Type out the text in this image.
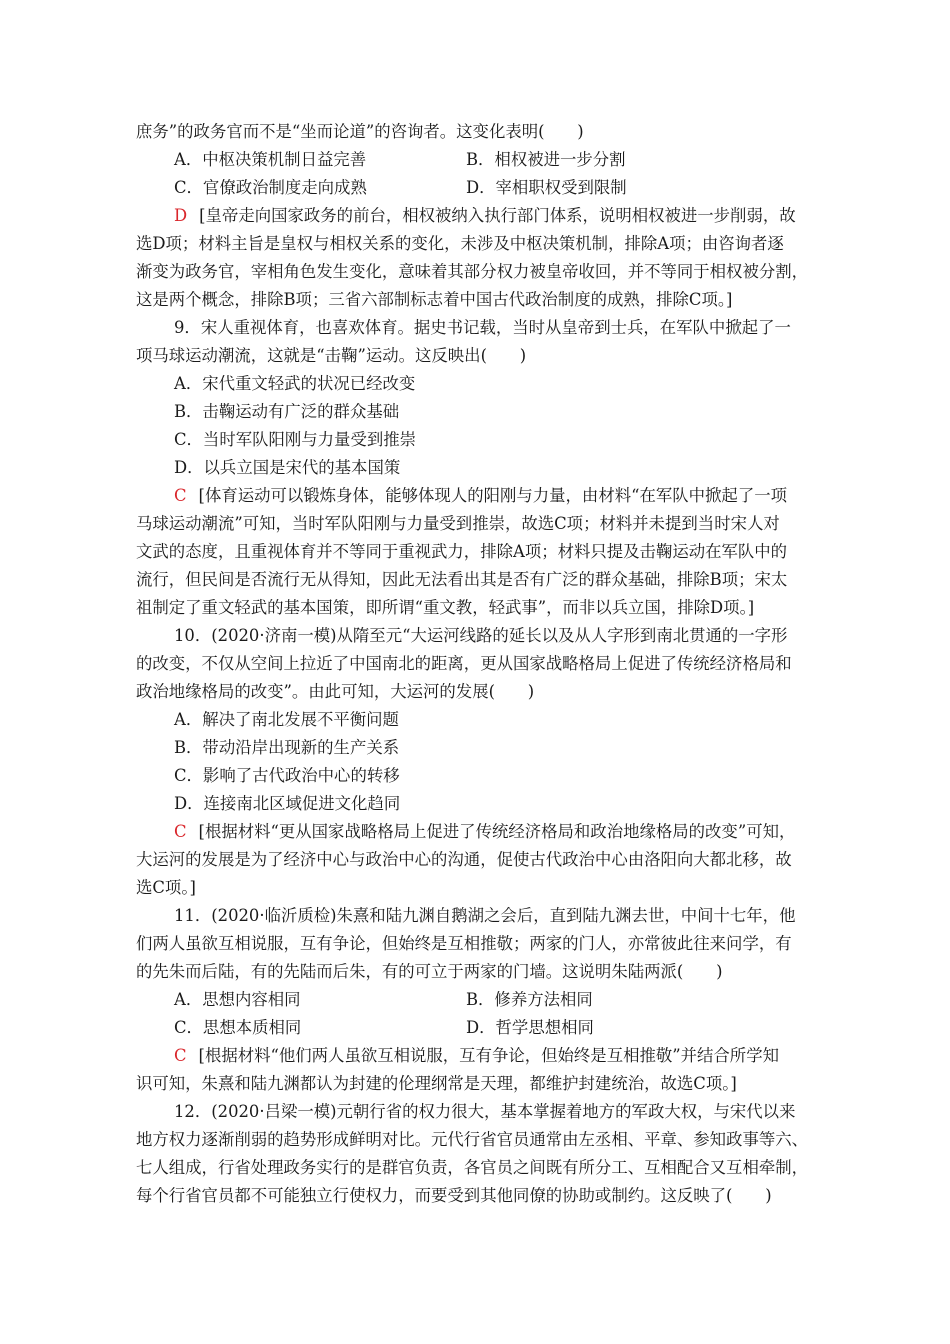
庶务”的政务官而不是“坐而论道”的咨询者。这变化表明(　　)
A．中枢决策机制日益完善	B．相权被进一步分割
C．官僚政治制度走向成熟	D．宰相职权受到限制
D [皇帝走向国家政务的前台，相权被纳入执行部门体系，说明相权被进一步削弱，故
选D项；材料主旨是皇权与相权关系的变化，未涉及中枢决策机制，排除A项；由咨询者逐
渐变为政务官，宰相角色发生变化，意味着其部分权力被皇帝收回，并不等同于相权被分割，
这是两个概念，排除B项；三省六部制标志着中国古代政治制度的成熟，排除C项。]
9．宋人重视体育，也喜欢体育。据史书记载，当时从皇帝到士兵，在军队中掀起了一
项马球运动潮流，这就是“击鞠”运动。这反映出(　　)
A．宋代重文轻武的状况已经改变
B．击鞠运动有广泛的群众基础
C．当时军队阳刚与力量受到推崇
D．以兵立国是宋代的基本国策
C [体育运动可以锻炼身体，能够体现人的阳刚与力量，由材料“在军队中掀起了一项
马球运动潮流”可知，当时军队阳刚与力量受到推崇，故选C项；材料并未提到当时宋人对
文武的态度，且重视体育并不等同于重视武力，排除A项；材料只提及击鞠运动在军队中的
流行，但民间是否流行无从得知，因此无法看出其是否有广泛的群众基础，排除B项；宋太
祖制定了重文轻武的基本国策，即所谓“重文教，轻武事”，而非以兵立国，排除D项。]
10．(2020·济南一模)从隋至元“大运河线路的延长以及从人字形到南北贯通的一字形
的改变，不仅从空间上拉近了中国南北的距离，更从国家战略格局上促进了传统经济格局和
政治地缘格局的改变”。由此可知，大运河的发展(　　)
A．解决了南北发展不平衡问题
B．带动沿岸出现新的生产关系
C．影响了古代政治中心的转移
D．连接南北区域促进文化趋同
C [根据材料“更从国家战略格局上促进了传统经济格局和政治地缘格局的改变”可知，
大运河的发展是为了经济中心与政治中心的沟通，促使古代政治中心由洛阳向大都北移，故
选C项。]
11．(2020·临沂质检)朱熹和陆九渊自鹅湖之会后，直到陆九渊去世，中间十七年，他
们两人虽欲互相说服，互有争论，但始终是互相推敬；两家的门人，亦常彼此往来问学，有
的先朱而后陆，有的先陆而后朱，有的可立于两家的门墙。这说明朱陆两派(　　)
A．思想内容相同	B．修养方法相同
C．思想本质相同	D．哲学思想相同
C [根据材料“他们两人虽欲互相说服，互有争论，但始终是互相推敬”并结合所学知
识可知，朱熹和陆九渊都认为封建的伦理纲常是天理，都维护封建统治，故选C项。]
12．(2020·吕梁一模)元朝行省的权力很大，基本掌握着地方的军政大权，与宋代以来
地方权力逐渐削弱的趋势形成鲜明对比。元代行省官员通常由左丞相、平章、参知政事等六、
七人组成，行省处理政务实行的是群官负责，各官员之间既有所分工、互相配合又互相牵制，
每个行省官员都不可能独立行使权力，而要受到其他同僚的协助或制约。这反映了(　　)
